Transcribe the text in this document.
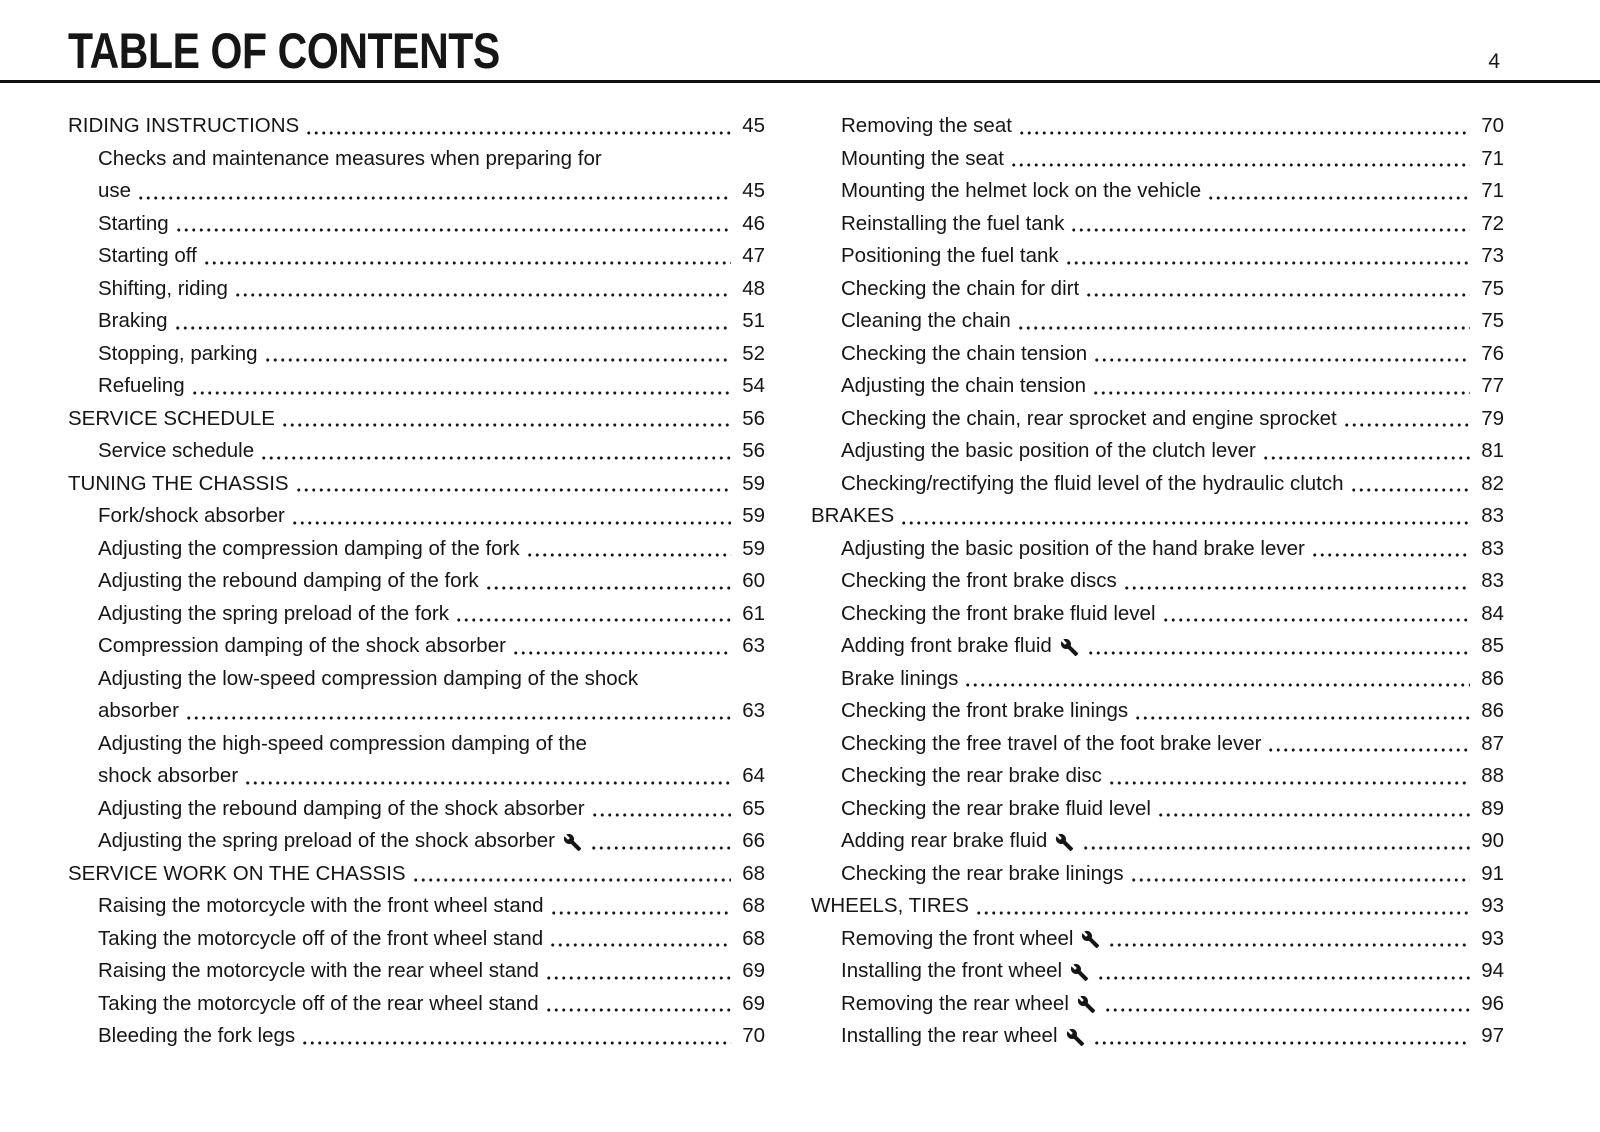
TABLE OF CONTENTS	4
RIDING INSTRUCTIONS	45
Checks and maintenance measures when preparing for
use	45
Starting	46
Starting off	47
Shifting, riding	48
Braking	51
Stopping, parking	52
Refueling	54
SERVICE SCHEDULE	56
Service schedule	56
TUNING THE CHASSIS	59
Fork/shock absorber	59
Adjusting the compression damping of the fork	59
Adjusting the rebound damping of the fork	60
Adjusting the spring preload of the fork	61
Compression damping of the shock absorber	63
Adjusting the low-speed compression damping of the shock
absorber	63
Adjusting the high-speed compression damping of the
shock absorber	64
Adjusting the rebound damping of the shock absorber	65
Adjusting the spring preload of the shock absorber	66
SERVICE WORK ON THE CHASSIS	68
Raising the motorcycle with the front wheel stand	68
Taking the motorcycle off of the front wheel stand	68
Raising the motorcycle with the rear wheel stand	69
Taking the motorcycle off of the rear wheel stand	69
Bleeding the fork legs	70
Removing the seat	70
Mounting the seat	71
Mounting the helmet lock on the vehicle	71
Reinstalling the fuel tank	72
Positioning the fuel tank	73
Checking the chain for dirt	75
Cleaning the chain	75
Checking the chain tension	76
Adjusting the chain tension	77
Checking the chain, rear sprocket and engine sprocket	79
Adjusting the basic position of the clutch lever	81
Checking/rectifying the fluid level of the hydraulic clutch	82
BRAKES	83
Adjusting the basic position of the hand brake lever	83
Checking the front brake discs	83
Checking the front brake fluid level	84
Adding front brake fluid	85
Brake linings	86
Checking the front brake linings	86
Checking the free travel of the foot brake lever	87
Checking the rear brake disc	88
Checking the rear brake fluid level	89
Adding rear brake fluid	90
Checking the rear brake linings	91
WHEELS, TIRES	93
Removing the front wheel	93
Installing the front wheel	94
Removing the rear wheel	96
Installing the rear wheel	97
